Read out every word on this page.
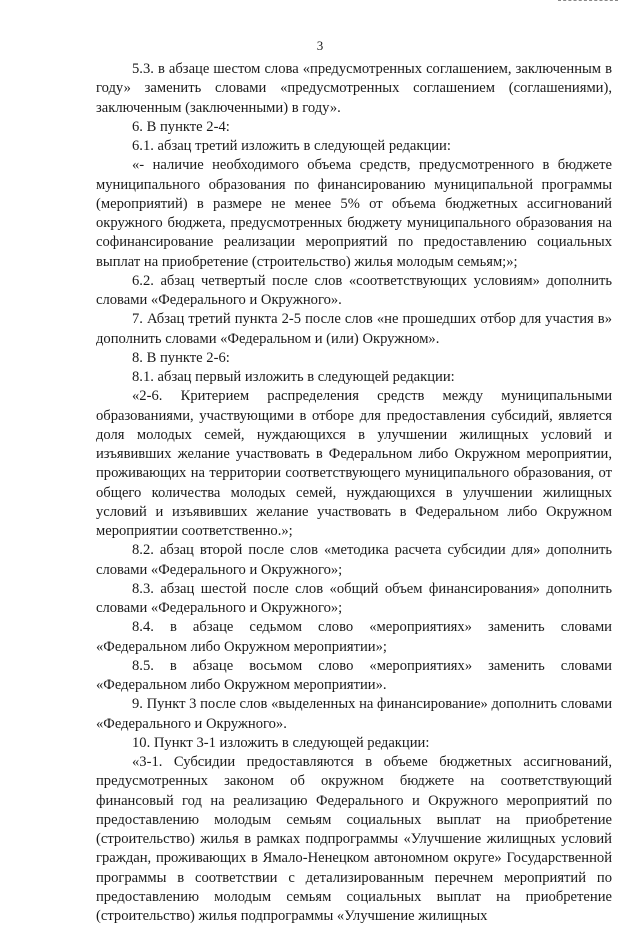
3

5.3. в абзаце шестом слова «предусмотренных соглашением, заключенным в году» заменить словами «предусмотренных соглашением (соглашениями), заключенным (заключенными) в году».

6. В пункте 2-4:

6.1. абзац третий изложить в следующей редакции:

«- наличие необходимого объема средств, предусмотренного в бюджете муниципального образования по финансированию муниципальной программы (мероприятий) в размере не менее 5% от объема бюджетных ассигнований окружного бюджета, предусмотренных бюджету муниципального образования на софинансирование реализации мероприятий по предоставлению социальных выплат на приобретение (строительство) жилья молодым семьям;»;

6.2. абзац четвертый после слов «соответствующих условиям» дополнить словами «Федерального и Окружного».

7. Абзац третий пункта 2-5 после слов «не прошедших отбор для участия в» дополнить словами «Федеральном и (или) Окружном».

8. В пункте 2-6:

8.1. абзац первый изложить в следующей редакции:

«2-6. Критерием распределения средств между муниципальными образованиями, участвующими в отборе для предоставления субсидий, является доля молодых семей, нуждающихся в улучшении жилищных условий и изъявивших желание участвовать в Федеральном либо Окружном мероприятии, проживающих на территории соответствующего муниципального образования, от общего количества молодых семей, нуждающихся в улучшении жилищных условий и изъявивших желание участвовать в Федеральном либо Окружном мероприятии соответственно.»;

8.2. абзац второй после слов «методика расчета субсидии для» дополнить словами «Федерального и Окружного»;

8.3. абзац шестой после слов «общий объем финансирования» дополнить словами «Федерального и Окружного»;

8.4. в абзаце седьмом слово «мероприятиях» заменить словами «Федеральном либо Окружном мероприятии»;

8.5. в абзаце восьмом слово «мероприятиях» заменить словами «Федеральном либо Окружном мероприятии».

9. Пункт 3 после слов «выделенных на финансирование» дополнить словами «Федерального и Окружного».

10. Пункт 3-1 изложить в следующей редакции:

«3-1. Субсидии предоставляются в объеме бюджетных ассигнований, предусмотренных законом об окружном бюджете на соответствующий финансовый год на реализацию Федерального и Окружного мероприятий по предоставлению молодым семьям социальных выплат на приобретение (строительство) жилья в рамках подпрограммы «Улучшение жилищных условий граждан, проживающих в Ямало-Ненецком автономном округе» Государственной программы в соответствии с детализированным перечнем мероприятий по предоставлению молодым семьям социальных выплат на приобретение (строительство) жилья подпрограммы «Улучшение жилищных
